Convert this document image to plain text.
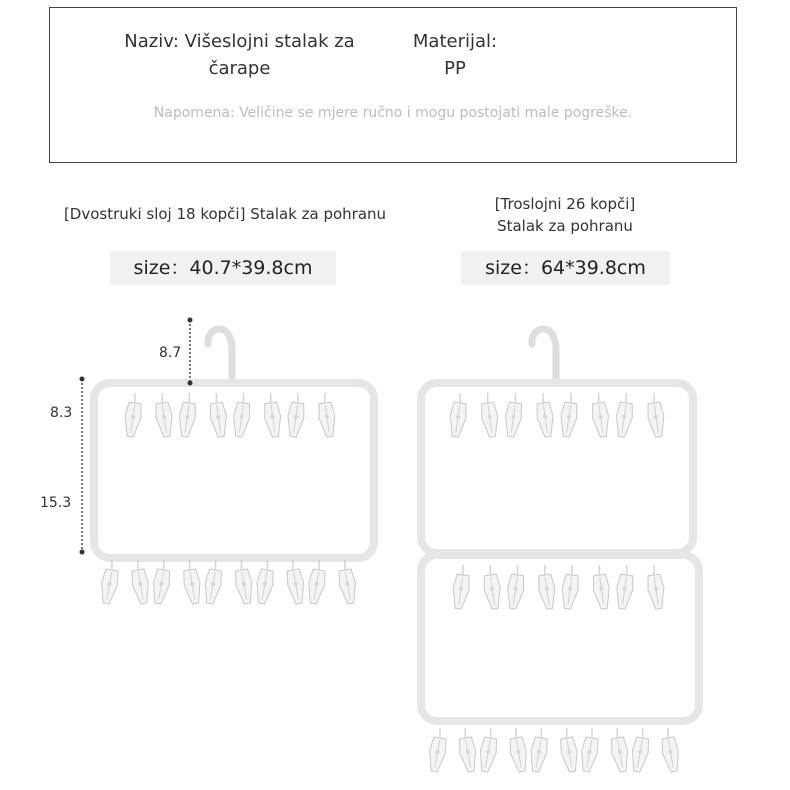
Naziv: Višeslojni stalak za čarape
Materijal:
PP
Napomena: Veličine se mjere ručno i mogu postojati male pogreške.
[Dvostruki sloj 18 kopči] Stalak za pohranu
[Troslojni 26 kopči]
Stalak za pohranu
size：40.7*39.8cm	size：64*39.8cm
8.7
8.3
15.3
